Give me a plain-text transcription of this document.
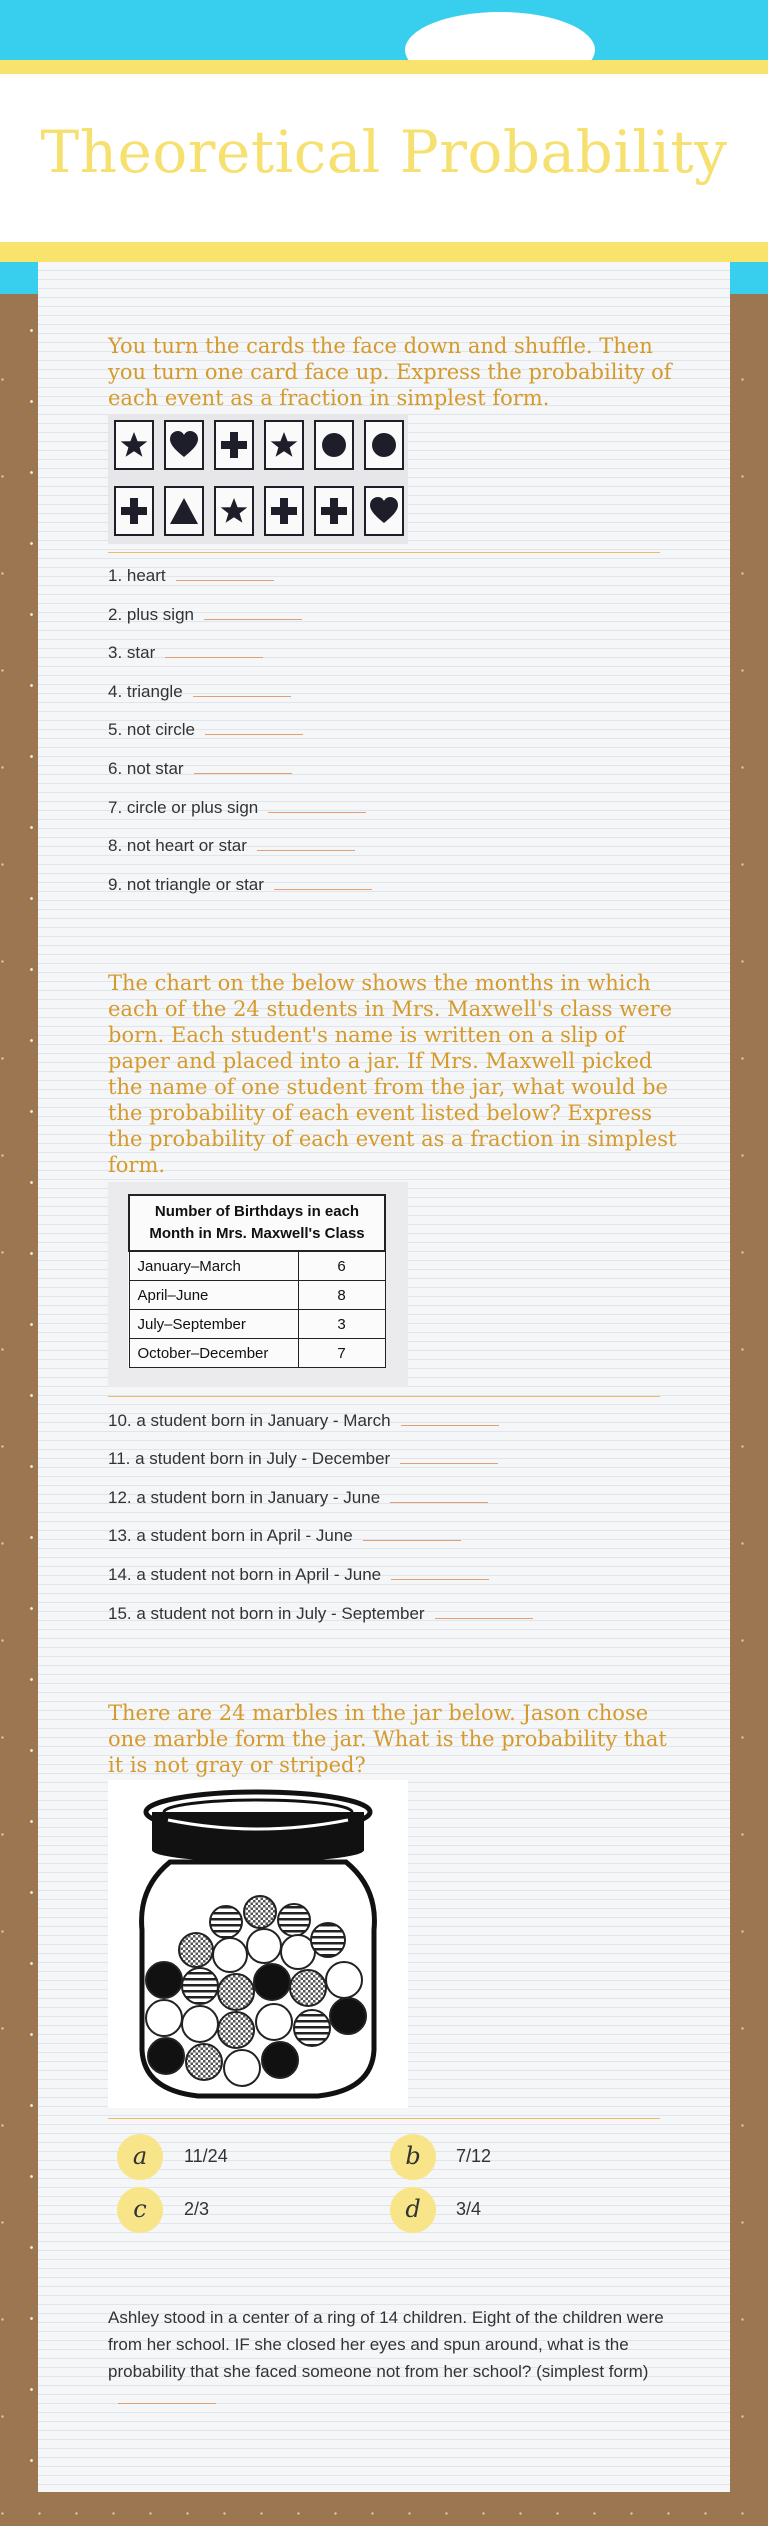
Theoretical Probability
You turn the cards the face down and shuffle. Then you turn one card face up. Express the probability of each event as a fraction in simplest form.
1. heart
2. plus sign
3. star
4. triangle
5. not circle
6. not star
7. circle or plus sign
8. not heart or star
9. not triangle or star
The chart on the below shows the months in which each of the 24 students in Mrs. Maxwell's class were born. Each student's name is written on a slip of paper and placed into a jar. If Mrs. Maxwell picked the name of one student from the jar, what would be the probability of each event listed below? Express the probability of each event as a fraction in simplest form.
Number of Birthdays in each Month in Mrs. Maxwell's Class	
January–March	6
April–June	8
July–September	3
October–December	7
10. a student born in January - March
11. a student born in July - December
12. a student born in January - June
13. a student born in April - June
14. a student not born in April - June
15. a student not born in July - September
There are 24 marbles in the jar below. Jason chose one marble form the jar. What is the probability that it is not gray or striped?
a	11/24	b	7/12
c	2/3	d	3/4

Ashley stood in a center of a ring of 14 children. Eight of the children were from her school. IF she closed her eyes and spun around, what is the probability that she faced someone not from her school? (simplest form)
